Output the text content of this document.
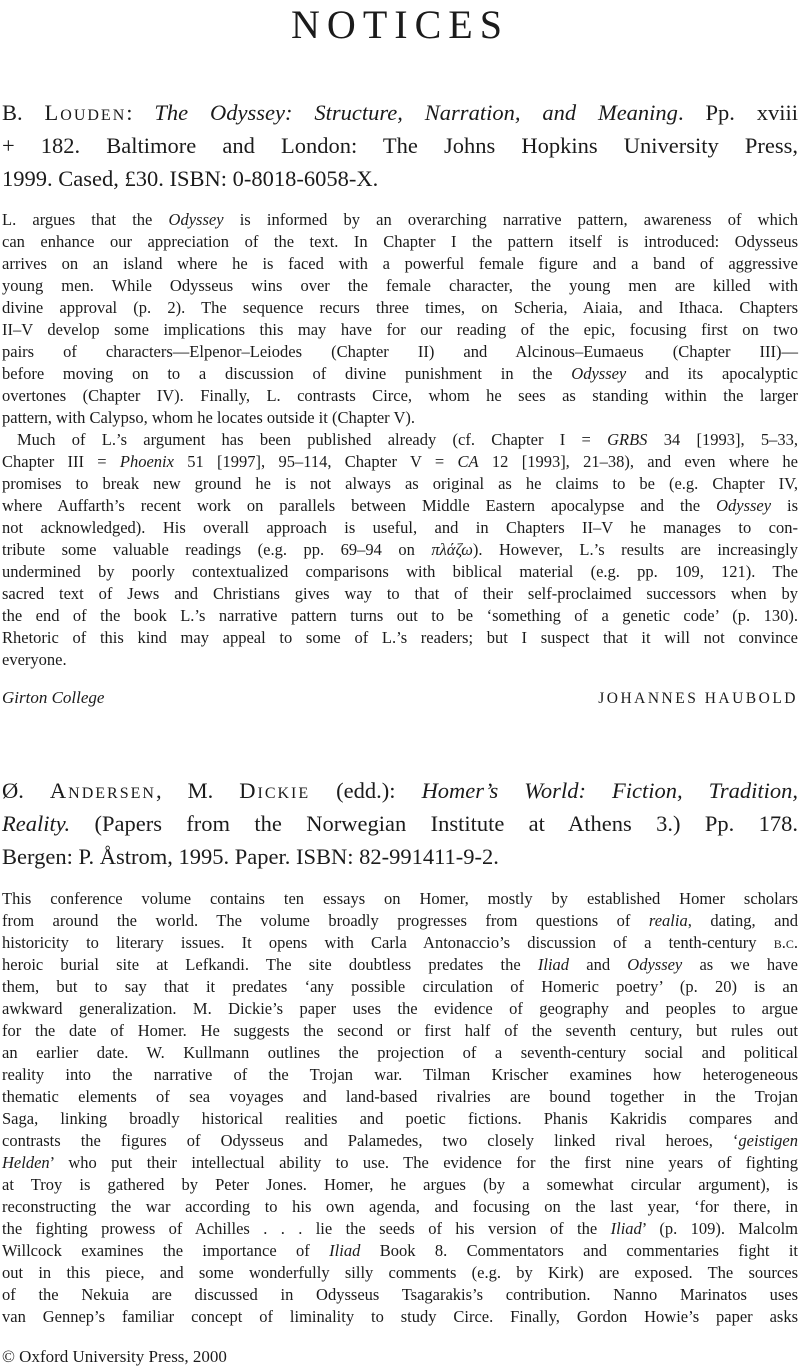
NOTICES
B. Louden: The Odyssey: Structure, Narration, and Meaning. Pp. xviii
+ 182. Baltimore and London: The Johns Hopkins University Press,
1999. Cased, £30. ISBN: 0-8018-6058-X.

L. argues that the Odyssey is informed by an overarching narrative pattern, awareness of which
can enhance our appreciation of the text. In Chapter I the pattern itself is introduced: Odysseus
arrives on an island where he is faced with a powerful female figure and a band of aggressive
young men. While Odysseus wins over the female character, the young men are killed with
divine approval (p. 2). The sequence recurs three times, on Scheria, Aiaia, and Ithaca. Chapters
II–V develop some implications this may have for our reading of the epic, focusing first on two
pairs of characters—Elpenor–Leiodes (Chapter II) and Alcinous–Eumaeus (Chapter III)—
before moving on to a discussion of divine punishment in the Odyssey and its apocalyptic
overtones (Chapter IV). Finally, L. contrasts Circe, whom he sees as standing within the larger
pattern, with Calypso, whom he locates outside it (Chapter V).

Much of L.’s argument has been published already (cf. Chapter I = GRBS 34 [1993], 5–33,
Chapter III = Phoenix 51 [1997], 95–114, Chapter V = CA 12 [1993], 21–38), and even where he
promises to break new ground he is not always as original as he claims to be (e.g. Chapter IV,
where Auffarth’s recent work on parallels between Middle Eastern apocalypse and the Odyssey is
not acknowledged). His overall approach is useful, and in Chapters II–V he manages to con-
tribute some valuable readings (e.g. pp. 69–94 on πλάζω). However, L.’s results are increasingly
undermined by poorly contextualized comparisons with biblical material (e.g. pp. 109, 121). The
sacred text of Jews and Christians gives way to that of their self-proclaimed successors when by
the end of the book L.’s narrative pattern turns out to be ‘something of a genetic code’ (p. 130).
Rhetoric of this kind may appeal to some of L.’s readers; but I suspect that it will not convince
everyone.

Girton College	JOHANNES HAUBOLD
Ø. Andersen, M. Dickie (edd.): Homer’s World: Fiction, Tradition,
Reality. (Papers from the Norwegian Institute at Athens 3.) Pp. 178.
Bergen: P. Åstrom, 1995. Paper. ISBN: 82-991411-9-2.

This conference volume contains ten essays on Homer, mostly by established Homer scholars
from around the world. The volume broadly progresses from questions of realia, dating, and
historicity to literary issues. It opens with Carla Antonaccio’s discussion of a tenth-century b.c.
heroic burial site at Lefkandi. The site doubtless predates the Iliad and Odyssey as we have
them, but to say that it predates ‘any possible circulation of Homeric poetry’ (p. 20) is an
awkward generalization. M. Dickie’s paper uses the evidence of geography and peoples to argue
for the date of Homer. He suggests the second or first half of the seventh century, but rules out
an earlier date. W. Kullmann outlines the projection of a seventh-century social and political
reality into the narrative of the Trojan war. Tilman Krischer examines how heterogeneous
thematic elements of sea voyages and land-based rivalries are bound together in the Trojan
Saga, linking broadly historical realities and poetic fictions. Phanis Kakridis compares and
contrasts the figures of Odysseus and Palamedes, two closely linked rival heroes, ‘geistigen
Helden’ who put their intellectual ability to use. The evidence for the first nine years of fighting
at Troy is gathered by Peter Jones. Homer, he argues (by a somewhat circular argument), is
reconstructing the war according to his own agenda, and focusing on the last year, ‘for there, in
the fighting prowess of Achilles . . . lie the seeds of his version of the Iliad’ (p. 109). Malcolm
Willcock examines the importance of Iliad Book 8. Commentators and commentaries fight it
out in this piece, and some wonderfully silly comments (e.g. by Kirk) are exposed. The sources
of the Nekuia are discussed in Odysseus Tsagarakis’s contribution. Nanno Marinatos uses
van Gennep’s familiar concept of liminality to study Circe. Finally, Gordon Howie’s paper asks

© Oxford University Press, 2000
